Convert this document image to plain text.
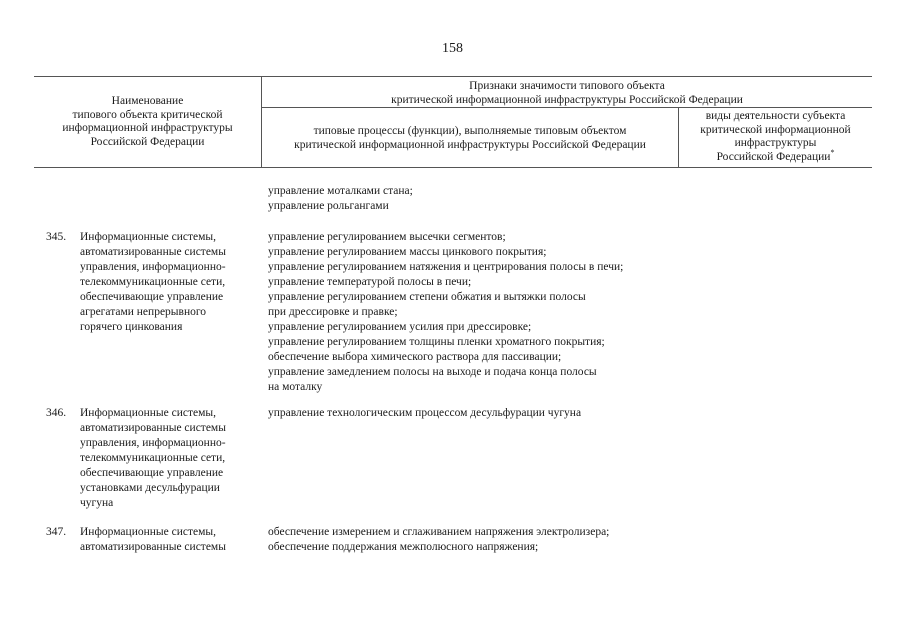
158
Наименование
типового объекта критической
информационной инфраструктуры
Российской Федерации
Признаки значимости типового объекта
критической информационной инфраструктуры Российской Федерации
типовые процессы (функции), выполняемые типовым объектом
критической информационной инфраструктуры Российской Федерации
виды деятельности субъекта
критической информационной
инфраструктуры
Российской Федерации*
управление моталками стана;
управление рольгангами
345. Информационные системы,
автоматизированные системы
управления, информационно-
телекоммуникационные сети,
обеспечивающие управление
агрегатами непрерывного
горячего цинкования
управление регулированием высечки сегментов;
управление регулированием массы цинкового покрытия;
управление регулированием натяжения и центрирования полосы в печи;
управление температурой полосы в печи;
управление регулированием степени обжатия и вытяжки полосы
при дрессировке и правке;
управление регулированием усилия при дрессировке;
управление регулированием толщины пленки хроматного покрытия;
обеспечение выбора химического раствора для пассивации;
управление замедлением полосы на выходе и подача конца полосы
на моталку
346. Информационные системы,
автоматизированные системы
управления, информационно-
телекоммуникационные сети,
обеспечивающие управление
установками десульфурации
чугуна
управление технологическим процессом десульфурации чугуна
347. Информационные системы,
автоматизированные системы
обеспечение измерением и сглаживанием напряжения электролизера;
обеспечение поддержания межполюсного напряжения;
